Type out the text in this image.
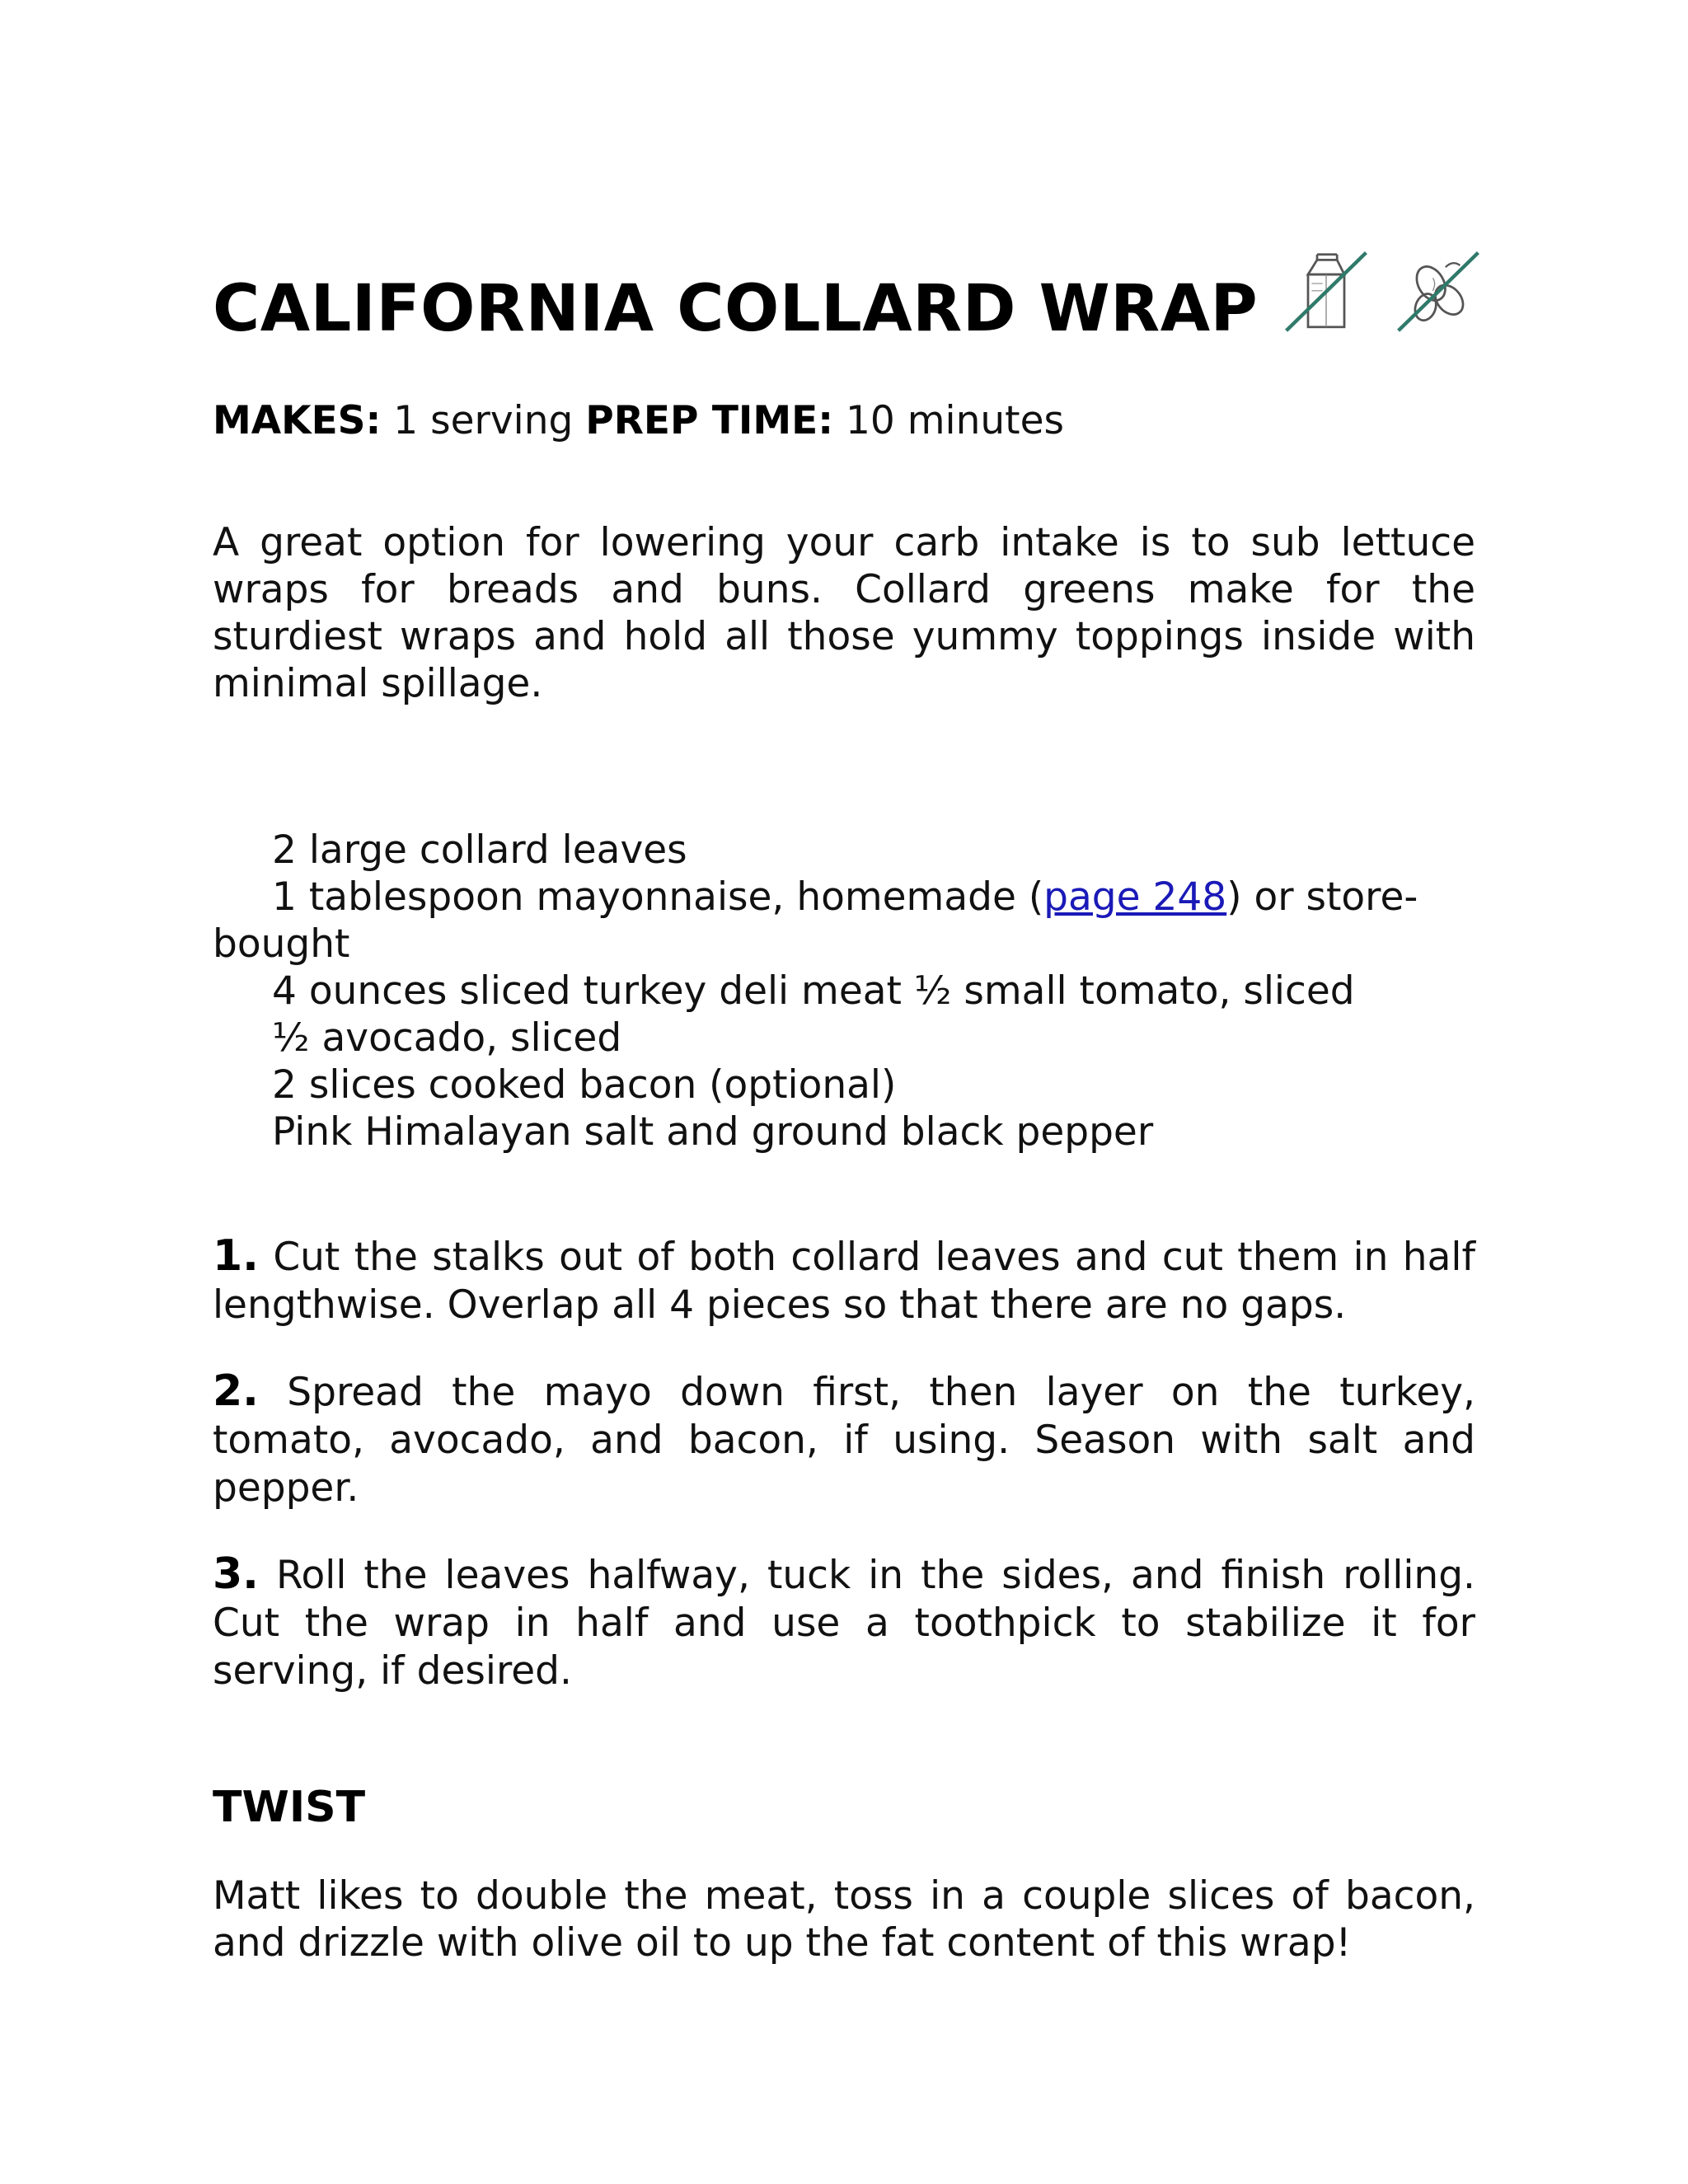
CALIFORNIA COLLARD WRAP
MAKES: 1 serving PREP TIME: 10 minutes

A great option for lowering your carb intake is to sub lettuce wraps for breads and buns. Collard greens make for the sturdiest wraps and hold all those yummy toppings inside with minimal spillage.

2 large collard leaves
1 tablespoon mayonnaise, homemade (page 248) or store-bought
4 ounces sliced turkey deli meat ½ small tomato, sliced
½ avocado, sliced
2 slices cooked bacon (optional)
Pink Himalayan salt and ground black pepper
1. Cut the stalks out of both collard leaves and cut them in half lengthwise. Overlap all 4 pieces so that there are no gaps.
2. Spread the mayo down first, then layer on the turkey, tomato, avocado, and bacon, if using. Season with salt and pepper.
3. Roll the leaves halfway, tuck in the sides, and finish rolling. Cut the wrap in half and use a toothpick to stabilize it for serving, if desired.
TWIST

Matt likes to double the meat, toss in a couple slices of bacon, and drizzle with olive oil to up the fat content of this wrap!
